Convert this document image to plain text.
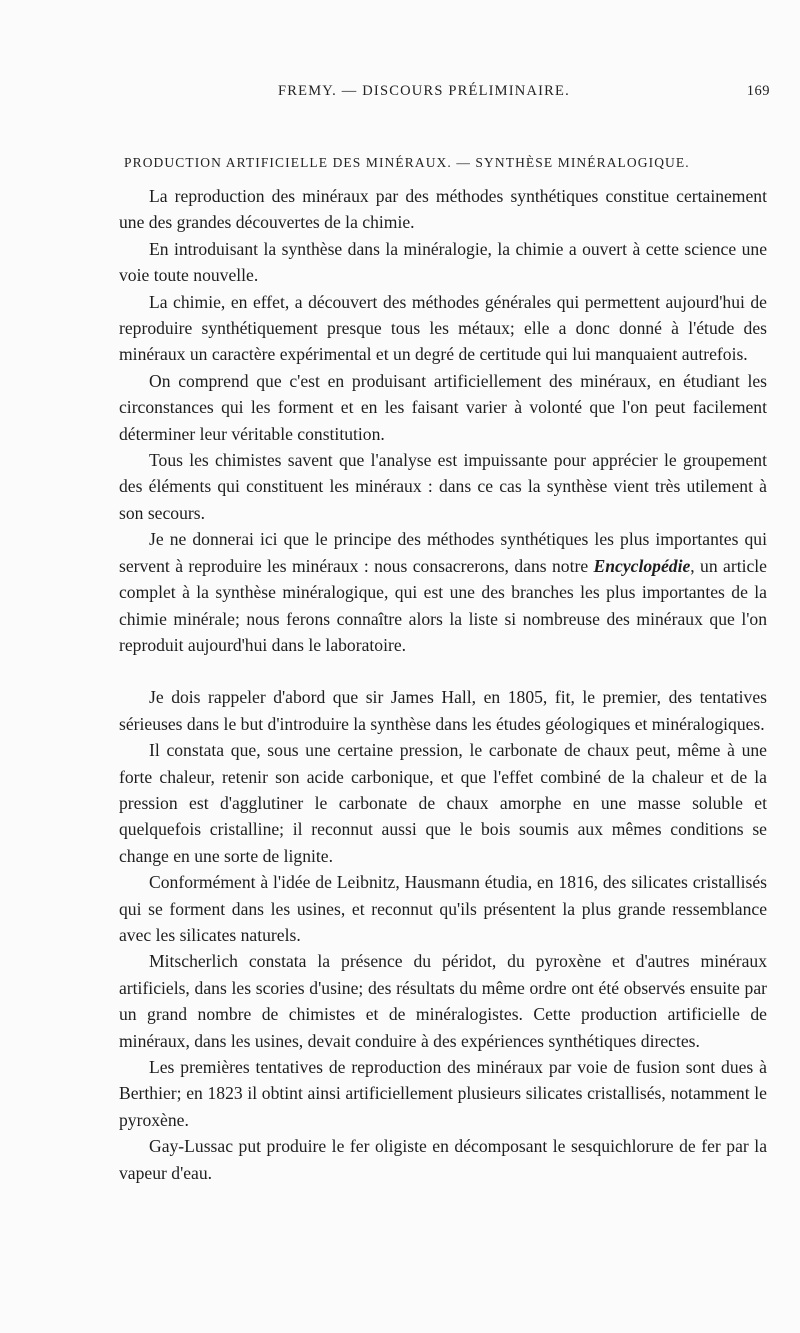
FREMY. — DISCOURS PRÉLIMINAIRE.	169
PRODUCTION ARTIFICIELLE DES MINÉRAUX. — SYNTHÈSE MINÉRALOGIQUE.

La reproduction des minéraux par des méthodes synthétiques constitue certainement une des grandes découvertes de la chimie.

En introduisant la synthèse dans la minéralogie, la chimie a ouvert à cette science une voie toute nouvelle.

La chimie, en effet, a découvert des méthodes générales qui permettent aujourd'hui de reproduire synthétiquement presque tous les métaux; elle a donc donné à l'étude des minéraux un caractère expérimental et un degré de certitude qui lui manquaient autrefois.

On comprend que c'est en produisant artificiellement des minéraux, en étudiant les circonstances qui les forment et en les faisant varier à volonté que l'on peut facilement déterminer leur véritable constitution.

Tous les chimistes savent que l'analyse est impuissante pour apprécier le groupement des éléments qui constituent les minéraux : dans ce cas la synthèse vient très utilement à son secours.

Je ne donnerai ici que le principe des méthodes synthétiques les plus importantes qui servent à reproduire les minéraux : nous consacrerons, dans notre Encyclopédie, un article complet à la synthèse minéralogique, qui est une des branches les plus importantes de la chimie minérale; nous ferons connaître alors la liste si nombreuse des minéraux que l'on reproduit aujourd'hui dans le laboratoire.

Je dois rappeler d'abord que sir James Hall, en 1805, fit, le premier, des tentatives sérieuses dans le but d'introduire la synthèse dans les études géologiques et minéralogiques.

Il constata que, sous une certaine pression, le carbonate de chaux peut, même à une forte chaleur, retenir son acide carbonique, et que l'effet combiné de la chaleur et de la pression est d'agglutiner le carbonate de chaux amorphe en une masse soluble et quelquefois cristalline; il reconnut aussi que le bois soumis aux mêmes conditions se change en une sorte de lignite.

Conformément à l'idée de Leibnitz, Hausmann étudia, en 1816, des silicates cristallisés qui se forment dans les usines, et reconnut qu'ils présentent la plus grande ressemblance avec les silicates naturels.

Mitscherlich constata la présence du péridot, du pyroxène et d'autres minéraux artificiels, dans les scories d'usine; des résultats du même ordre ont été observés ensuite par un grand nombre de chimistes et de minéralogistes. Cette production artificielle de minéraux, dans les usines, devait conduire à des expériences synthétiques directes.

Les premières tentatives de reproduction des minéraux par voie de fusion sont dues à Berthier; en 1823 il obtint ainsi artificiellement plusieurs silicates cristallisés, notamment le pyroxène.

Gay-Lussac put produire le fer oligiste en décomposant le sesquichlorure de fer par la vapeur d'eau.
